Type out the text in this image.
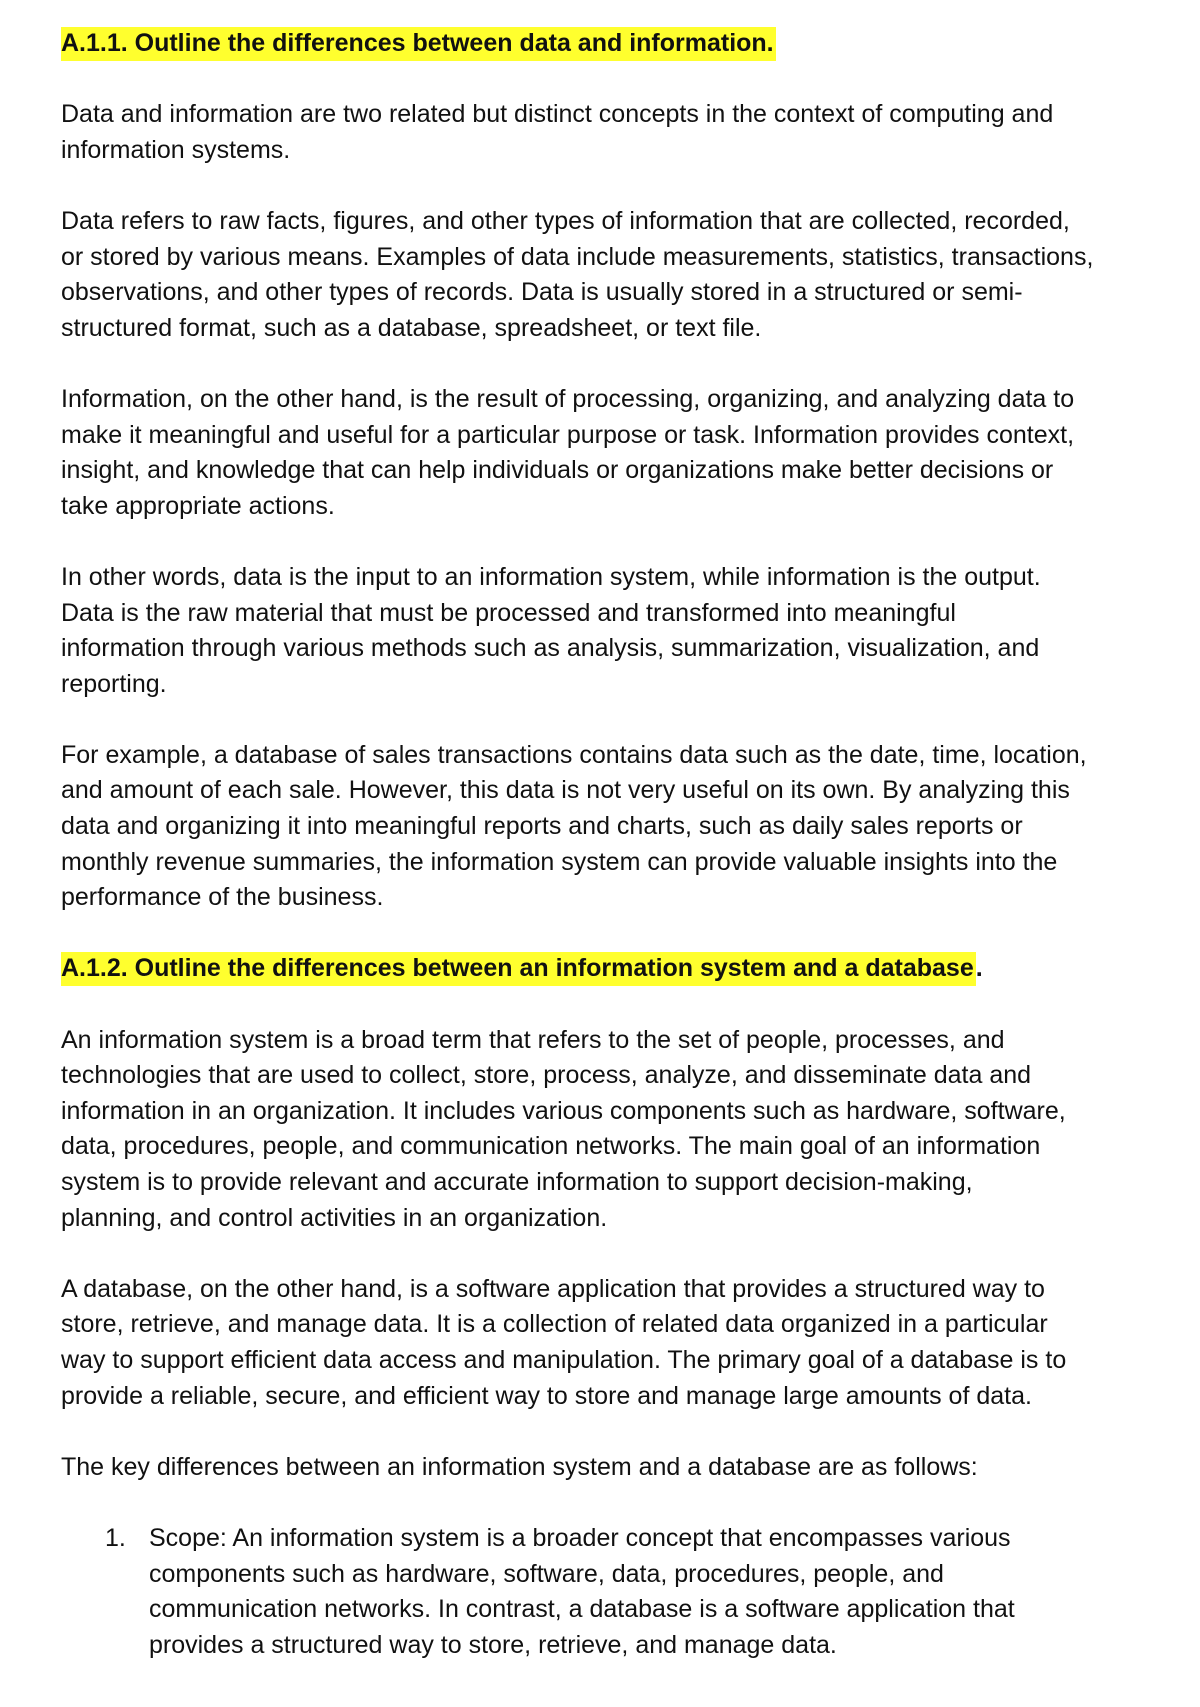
A.1.1. Outline the differences between data and information.
Data and information are two related but distinct concepts in the context of computing and
information systems.
Data refers to raw facts, figures, and other types of information that are collected, recorded,
or stored by various means. Examples of data include measurements, statistics, transactions,
observations, and other types of records. Data is usually stored in a structured or semi-
structured format, such as a database, spreadsheet, or text file.
Information, on the other hand, is the result of processing, organizing, and analyzing data to
make it meaningful and useful for a particular purpose or task. Information provides context,
insight, and knowledge that can help individuals or organizations make better decisions or
take appropriate actions.
In other words, data is the input to an information system, while information is the output.
Data is the raw material that must be processed and transformed into meaningful
information through various methods such as analysis, summarization, visualization, and
reporting.
For example, a database of sales transactions contains data such as the date, time, location,
and amount of each sale. However, this data is not very useful on its own. By analyzing this
data and organizing it into meaningful reports and charts, such as daily sales reports or
monthly revenue summaries, the information system can provide valuable insights into the
performance of the business.
A.1.2. Outline the differences between an information system and a database.
An information system is a broad term that refers to the set of people, processes, and
technologies that are used to collect, store, process, analyze, and disseminate data and
information in an organization. It includes various components such as hardware, software,
data, procedures, people, and communication networks. The main goal of an information
system is to provide relevant and accurate information to support decision-making,
planning, and control activities in an organization.
A database, on the other hand, is a software application that provides a structured way to
store, retrieve, and manage data. It is a collection of related data organized in a particular
way to support efficient data access and manipulation. The primary goal of a database is to
provide a reliable, secure, and efficient way to store and manage large amounts of data.
The key differences between an information system and a database are as follows:
1. Scope: An information system is a broader concept that encompasses various
components such as hardware, software, data, procedures, people, and
communication networks. In contrast, a database is a software application that
provides a structured way to store, retrieve, and manage data.
